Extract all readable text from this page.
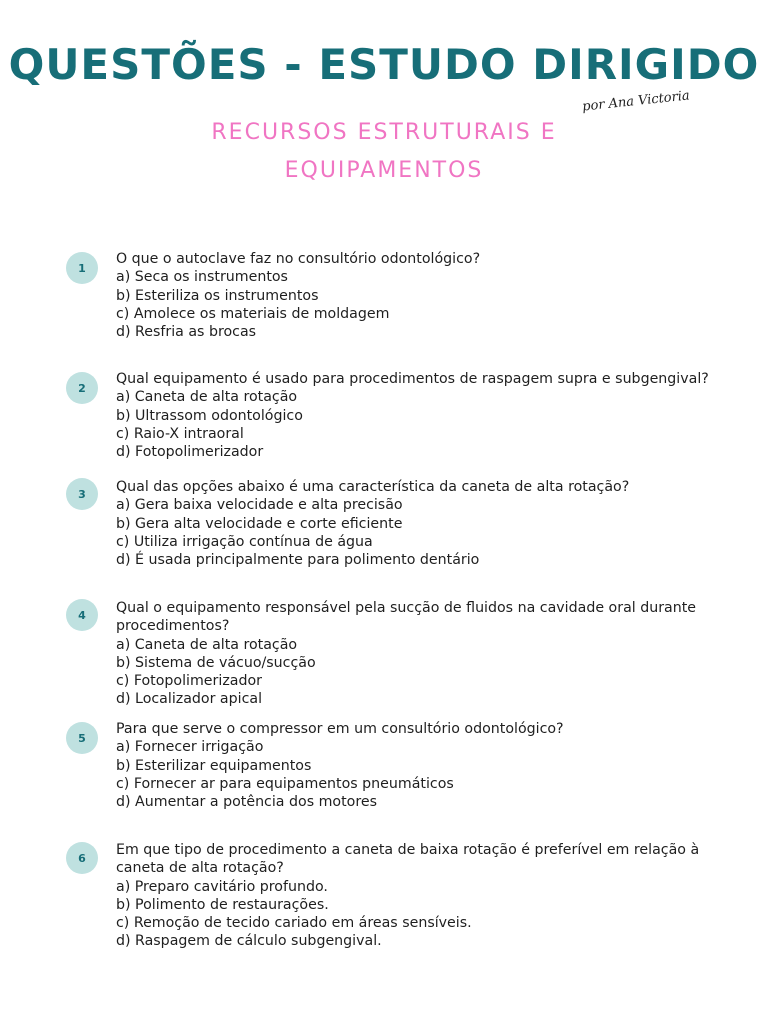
QUESTÕES - ESTUDO DIRIGIDO
por Ana Victoria
RECURSOS ESTRUTURAIS E
EQUIPAMENTOS
1
O que o autoclave faz no consultório odontológico?
a) Seca os instrumentos
b) Esteriliza os instrumentos
c) Amolece os materiais de moldagem
d) Resfria as brocas
2
Qual equipamento é usado para procedimentos de raspagem supra e subgengival?
a) Caneta de alta rotação
b) Ultrassom odontológico
c) Raio-X intraoral
d) Fotopolimerizador
3	Qual das opções abaixo é uma característica da caneta de alta rotação?
a) Gera baixa velocidade e alta precisão
b) Gera alta velocidade e corte eficiente
c) Utiliza irrigação contínua de água
d) É usada principalmente para polimento dentário
4	Qual o equipamento responsável pela sucção de fluidos na cavidade oral durante procedimentos?
a) Caneta de alta rotação
b) Sistema de vácuo/sucção
c) Fotopolimerizador
d) Localizador apical
5
Para que serve o compressor em um consultório odontológico?
a) Fornecer irrigação
b) Esterilizar equipamentos
c) Fornecer ar para equipamentos pneumáticos
d) Aumentar a potência dos motores
6	Em que tipo de procedimento a caneta de baixa rotação é preferível em relação à caneta de alta rotação?
a) Preparo cavitário profundo.
b) Polimento de restaurações.
c) Remoção de tecido cariado em áreas sensíveis.
d) Raspagem de cálculo subgengival.
